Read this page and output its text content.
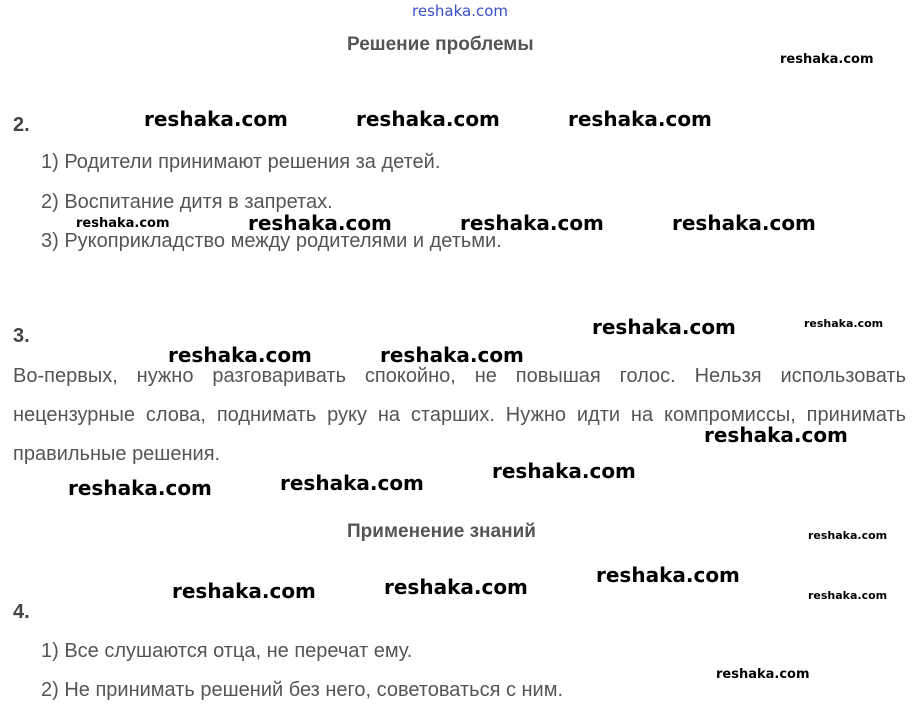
reshaka.com
Решение проблемы
2.
1) Родители принимают решения за детей.
2) Воспитание дитя в запретах.
3) Рукоприкладство между родителями и детьми.
3.
Во-первых, нужно разговаривать спокойно, не повышая голос. Нельзя использовать нецензурные слова, поднимать руку на старших. Нужно идти на компромиссы, принимать правильные решения.
Применение знаний
4.
1) Все слушаются отца, не перечат ему.
2) Не принимать решений без него, советоваться с ним.
reshaka.com
reshaka.com	reshaka.com	reshaka.com
reshaka.com	reshaka.com	reshaka.com	reshaka.com
reshaka.com	reshaka.com
reshaka.com	reshaka.com
reshaka.com
reshaka.com
reshaka.com
reshaka.com
reshaka.com
reshaka.com
reshaka.com
reshaka.com	reshaka.com
reshaka.com
